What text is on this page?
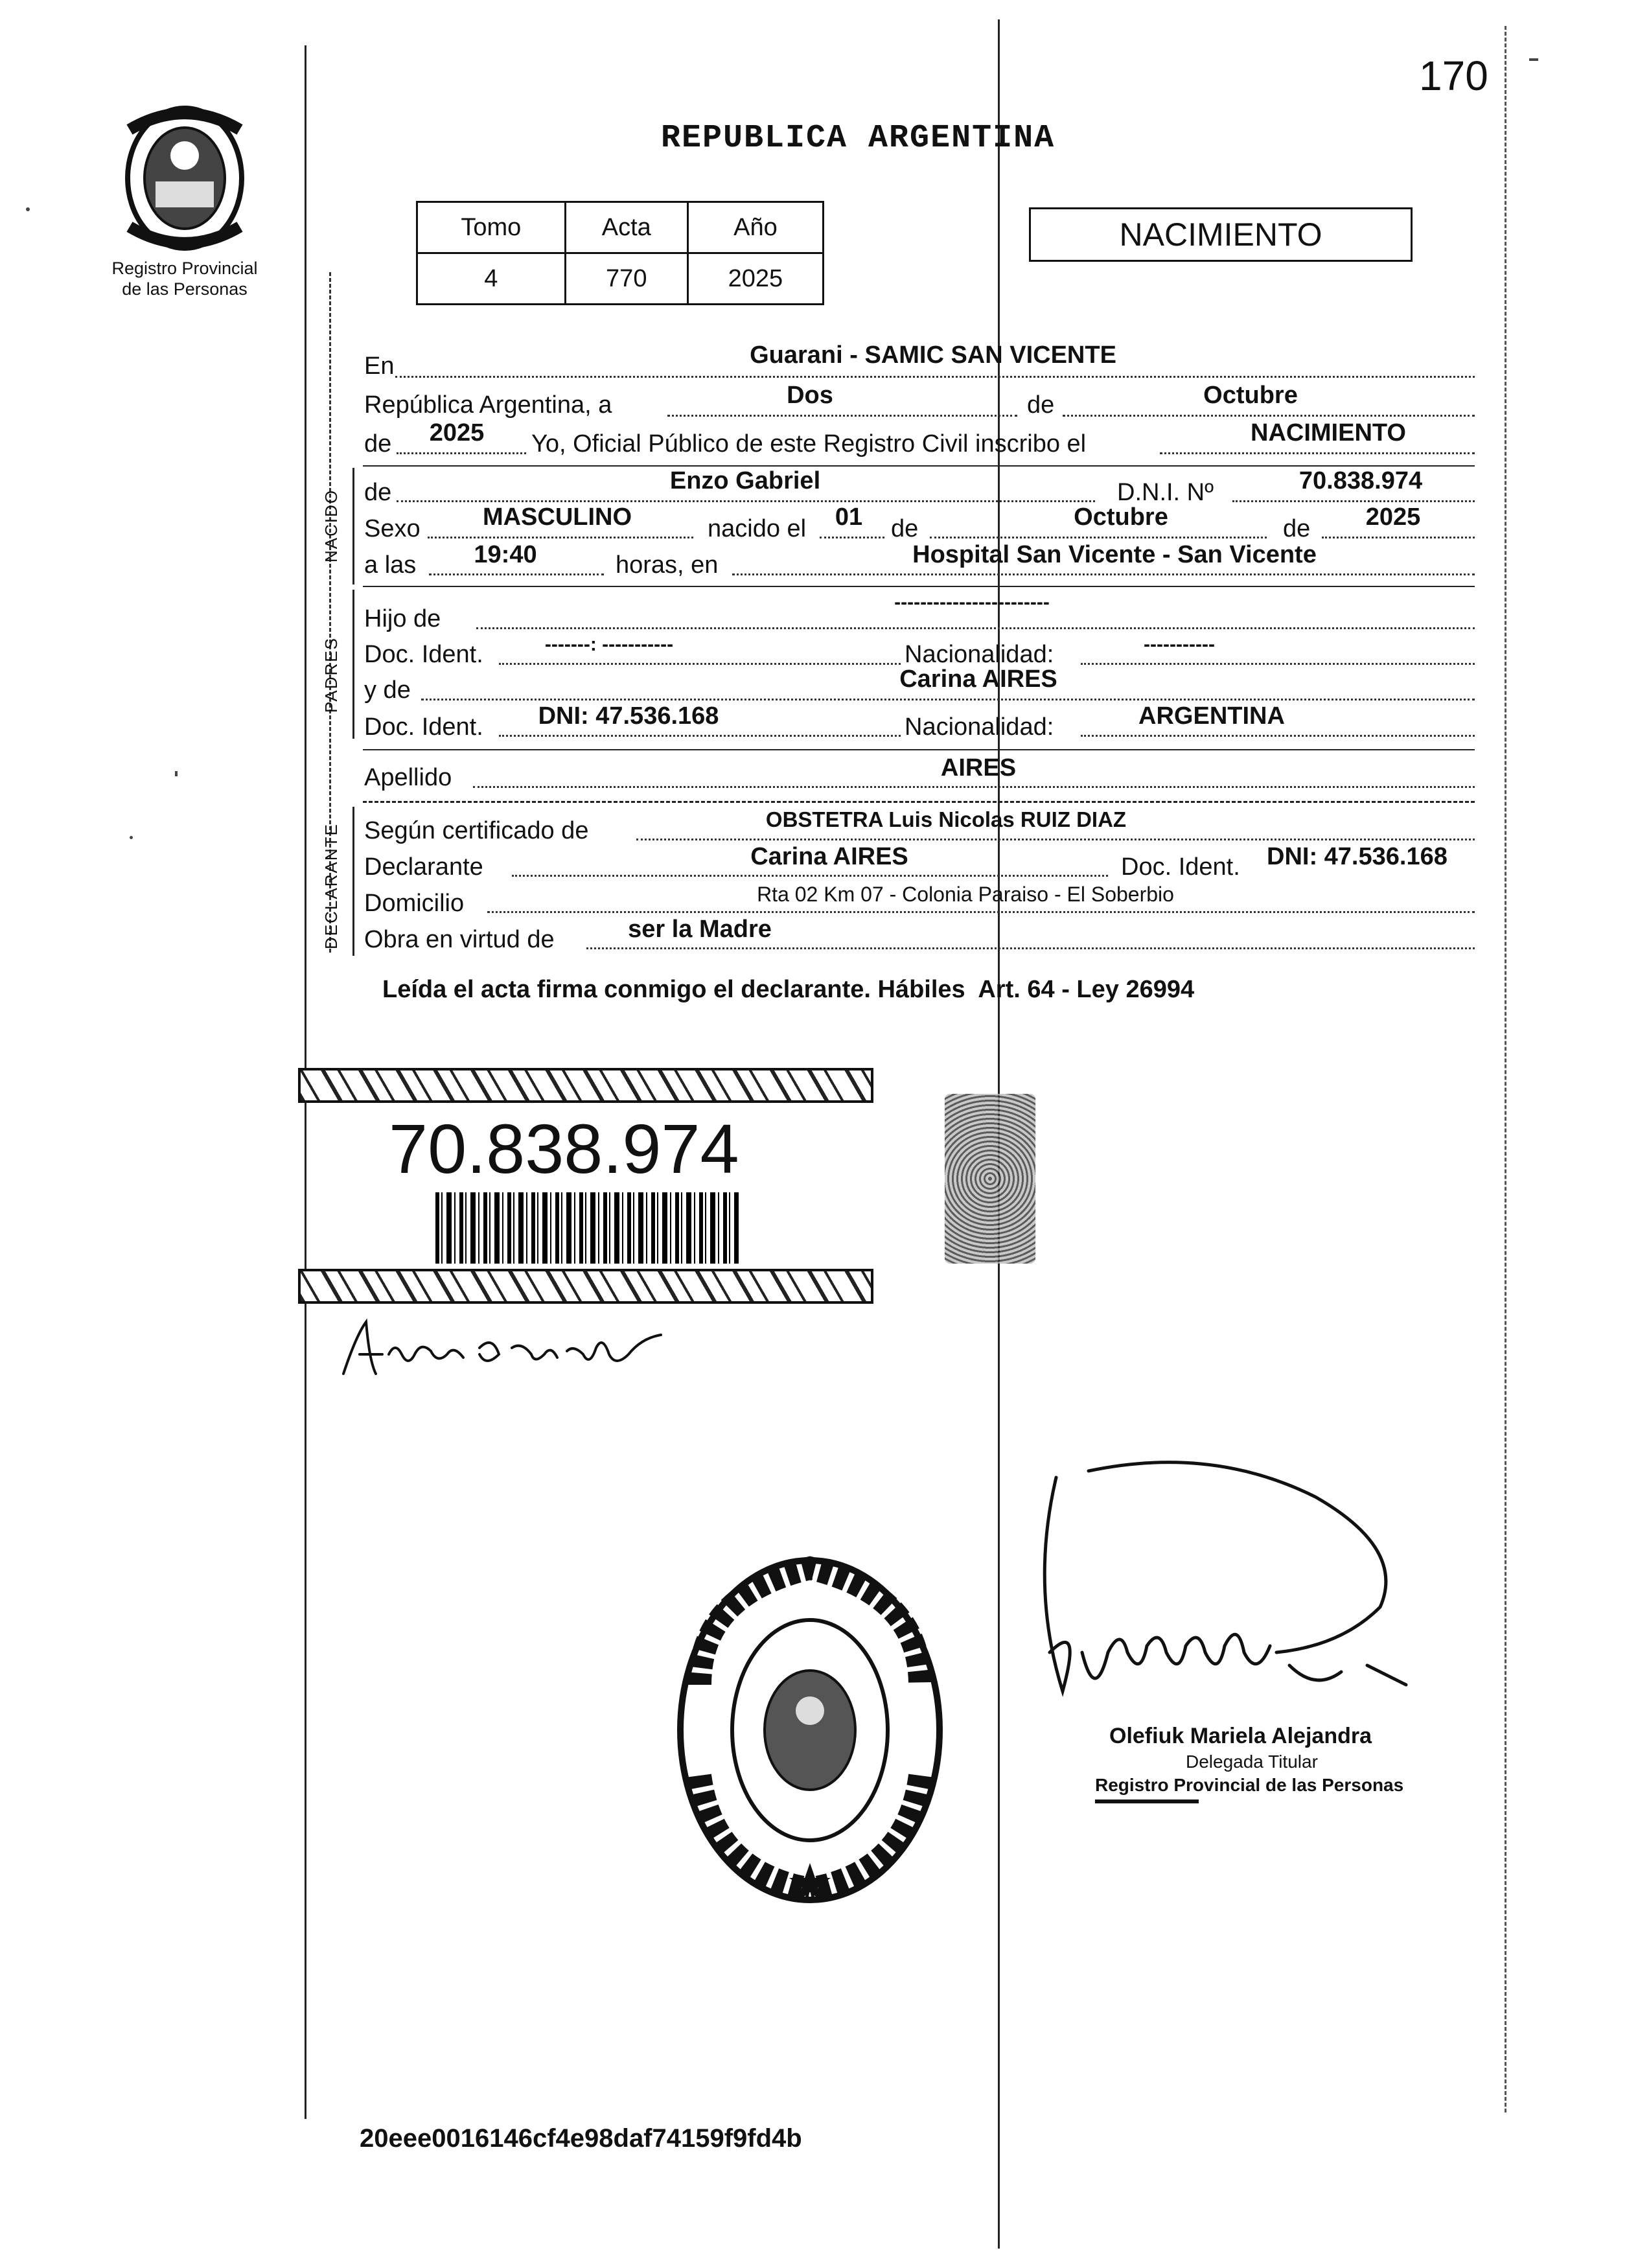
170
Registro Provincial
de las Personas
REPUBLICA ARGENTINA
Tomo	Acta	Año
4	770	2025
NACIMIENTO
En	Guarani - SAMIC SAN VICENTE
República Argentina, a	Dos	de	Octubre
de	2025	Yo, Oficial Público de este Registro Civil inscribo el	NACIMIENTO
NACIDO de	Enzo Gabriel	D.N.I. Nº	70.838.974
Sexo	MASCULINO	nacido el	01	de	Octubre	de	2025
a las	19:40	horas, en	Hospital San Vicente - San Vicente
PADRES
Hijo de
------------------------
Doc. Ident.	-------: -----------	Nacionalidad:	-----------
y de	Carina AIRES
Doc. Ident.	DNI: 47.536.168	Nacionalidad:	ARGENTINA
Apellido	AIRES
DECLARANTE Según certificado de	OBSTETRA Luis Nicolas RUIZ DIAZ
Declarante	Carina AIRES	Doc. Ident. DNI: 47.536.168
Domicilio	Rta 02 Km 07 - Colonia Paraiso - El Soberbio
Obra en virtud de	ser la Madre
Leída el acta firma conmigo el declarante. Hábiles  Art. 64 - Ley 26994
70.838.974
Olefiuk Mariela Alejandra
Delegada Titular
Registro Provincial de las Personas
20eee0016146cf4e98daf74159f9fd4b
